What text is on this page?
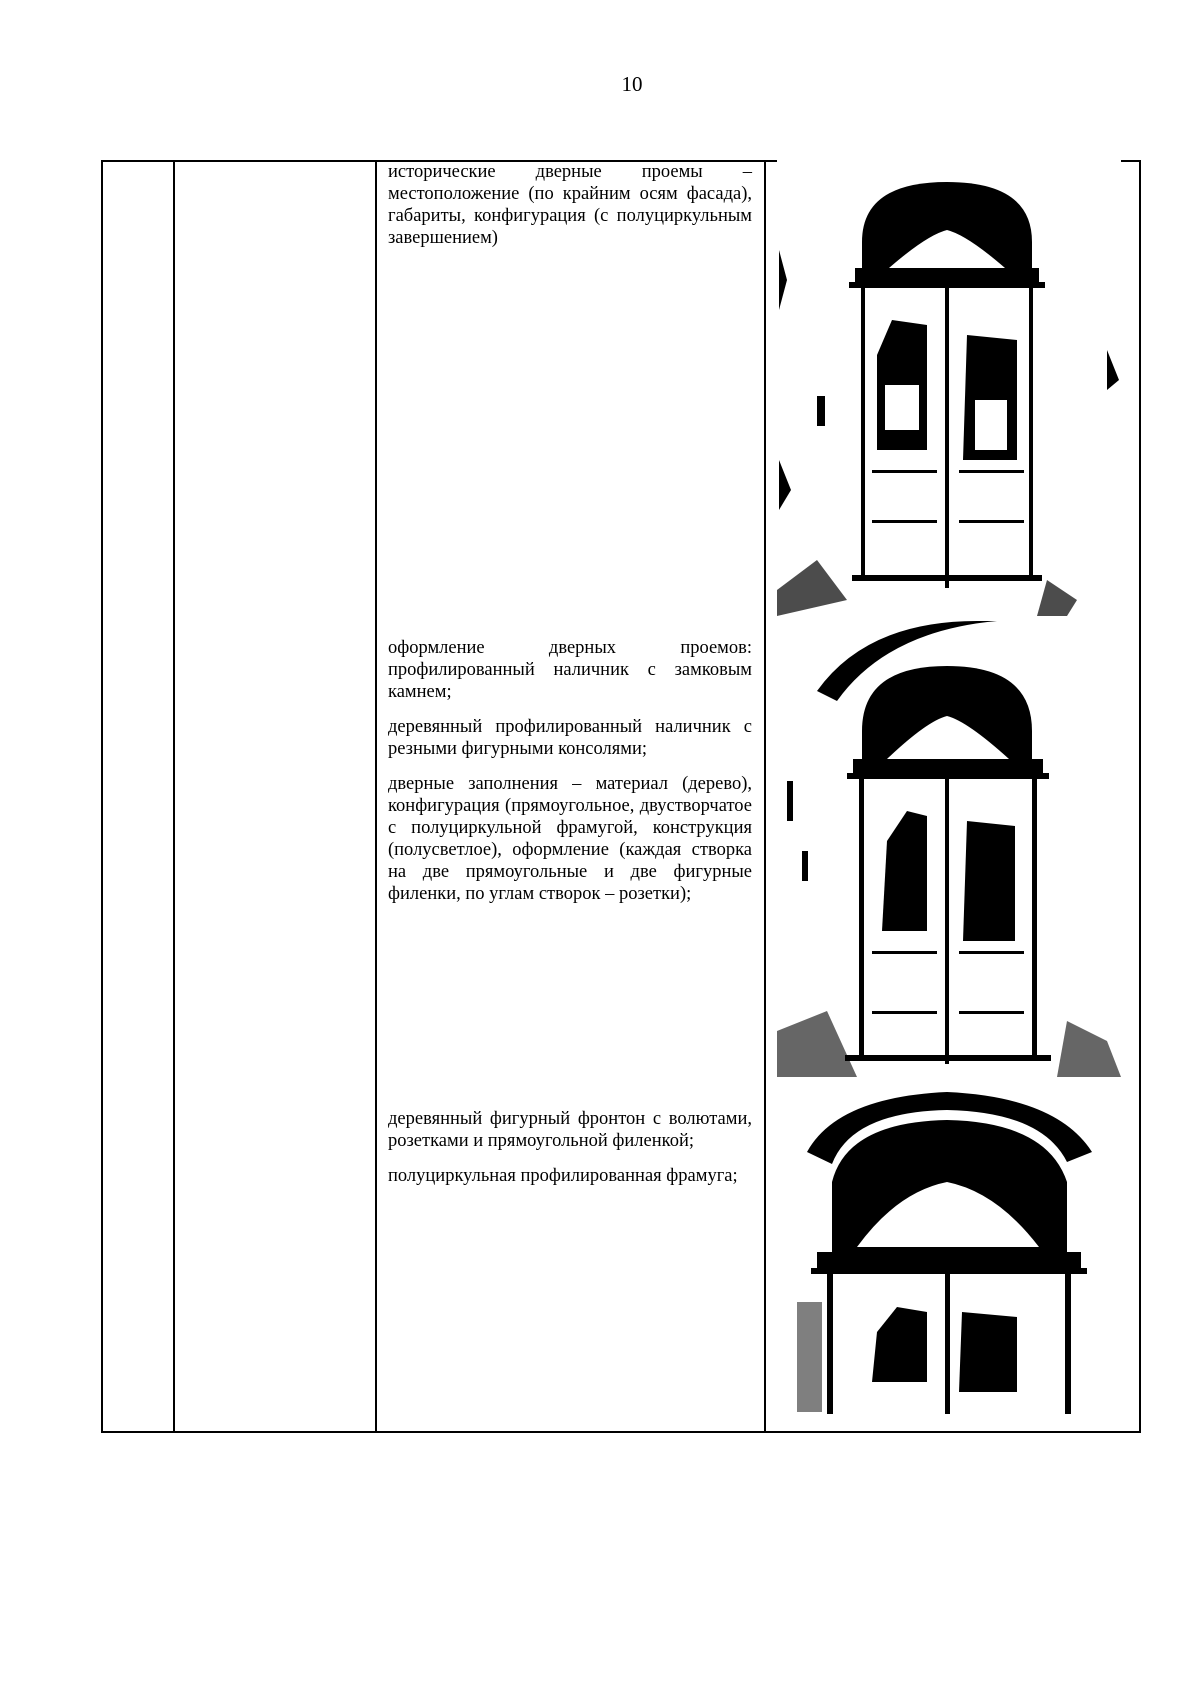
10

исторические дверные проемы – местоположение (по крайним осям фасада), габариты, конфигурация (с полуциркульным завершением)

оформление дверных проемов: профилированный наличник с замковым камнем;

деревянный профилированный наличник с резными фигурными консолями;

дверные заполнения – материал (дерево), конфигурация (прямоугольное, двустворчатое с полуциркульной фрамугой, конструкция (полусветлое), оформление (каждая створка на две прямоугольные и две фигурные филенки, по углам створок – розетки);

деревянный фигурный фронтон с волютами, розетками и прямоугольной филенкой;

полуциркульная профилированная фрамуга;
